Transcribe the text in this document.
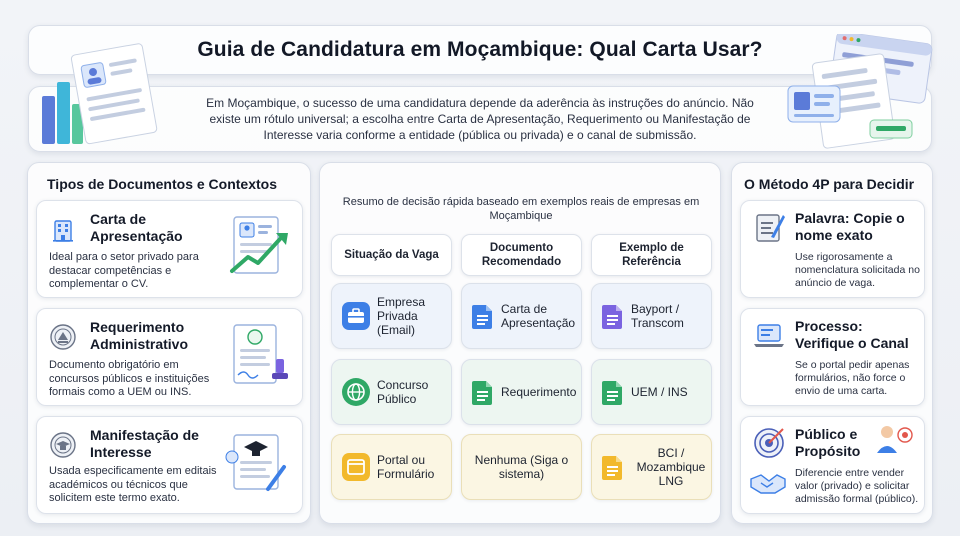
Guia de Candidatura em Moçambique: Qual Carta Usar?

Em Moçambique, o sucesso de uma candidatura depende da aderência às instruções do anúncio. Não existe um rótulo universal; a escolha entre Carta de Apresentação, Requerimento ou Manifestação de Interesse varia conforme a entidade (pública ou privada) e o canal de submissão.

Tipos de Documentos e Contextos
Carta de Apresentação
Ideal para o setor privado para destacar competências e complementar o CV.
Requerimento Administrativo
Documento obrigatório em concursos públicos e instituições formais como a UEM ou INS.
Manifestação de Interesse
Usada especificamente em editais académicos ou técnicos que solicitem este termo exato.
Resumo de decisão rápida baseado em exemplos reais de empresas em Moçambique
Situação da Vaga
Documento Recomendado
Exemplo de Referência
Empresa Privada (Email)
Carta de Apresentação
Bayport / Transcom
Concurso Público	Requerimento	UEM / INS
Portal ou Formulário
Nenhuma (Siga o sistema)
BCI / Mozambique LNG
O Método 4P para Decidir
Palavra: Copie o nome exato
Use rigorosamente a nomenclatura solicitada no anúncio de vaga.
Processo: Verifique o Canal
Se o portal pedir apenas formulários, não force o envio de uma carta.
Público e Propósito
Diferencie entre vender valor (privado) e solicitar admissão formal (público).
